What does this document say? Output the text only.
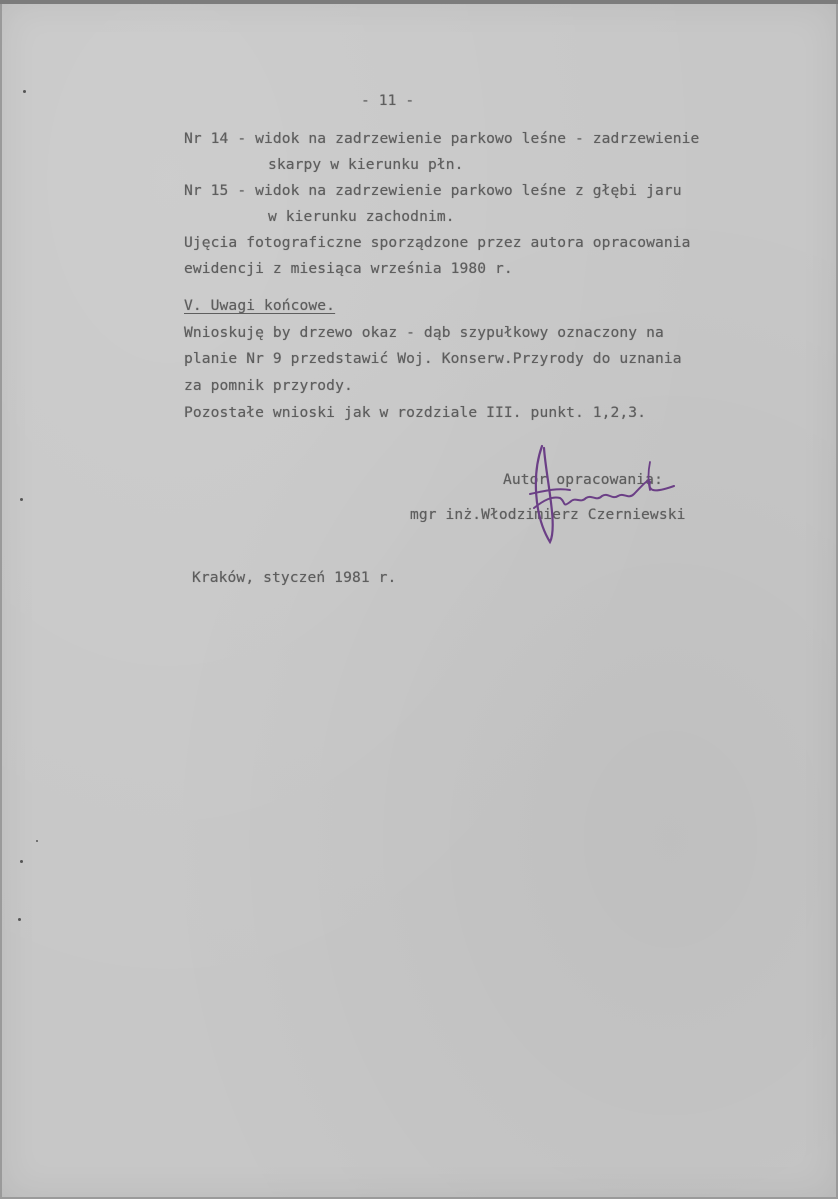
- 11 -

Nr 14 - widok na zadrzewienie parkowo leśne - zadrzewienie

skarpy w kierunku płn.

Nr 15 - widok na zadrzewienie parkowo leśne z głębi jaru

w kierunku zachodnim.

Ujęcia fotograficzne sporządzone przez autora opracowania

ewidencji z miesiąca września 1980 r.

V. Uwagi końcowe.

Wnioskuję by drzewo okaz - dąb szypułkowy oznaczony na

planie Nr 9 przedstawić Woj. Konserw.Przyrody do uznania

za pomnik przyrody.

Pozostałe wnioski jak w rozdziale III. punkt. 1,2,3.

Autor opracowania:

mgr inż.Włodzimierz Czerniewski

Kraków, styczeń 1981 r.
